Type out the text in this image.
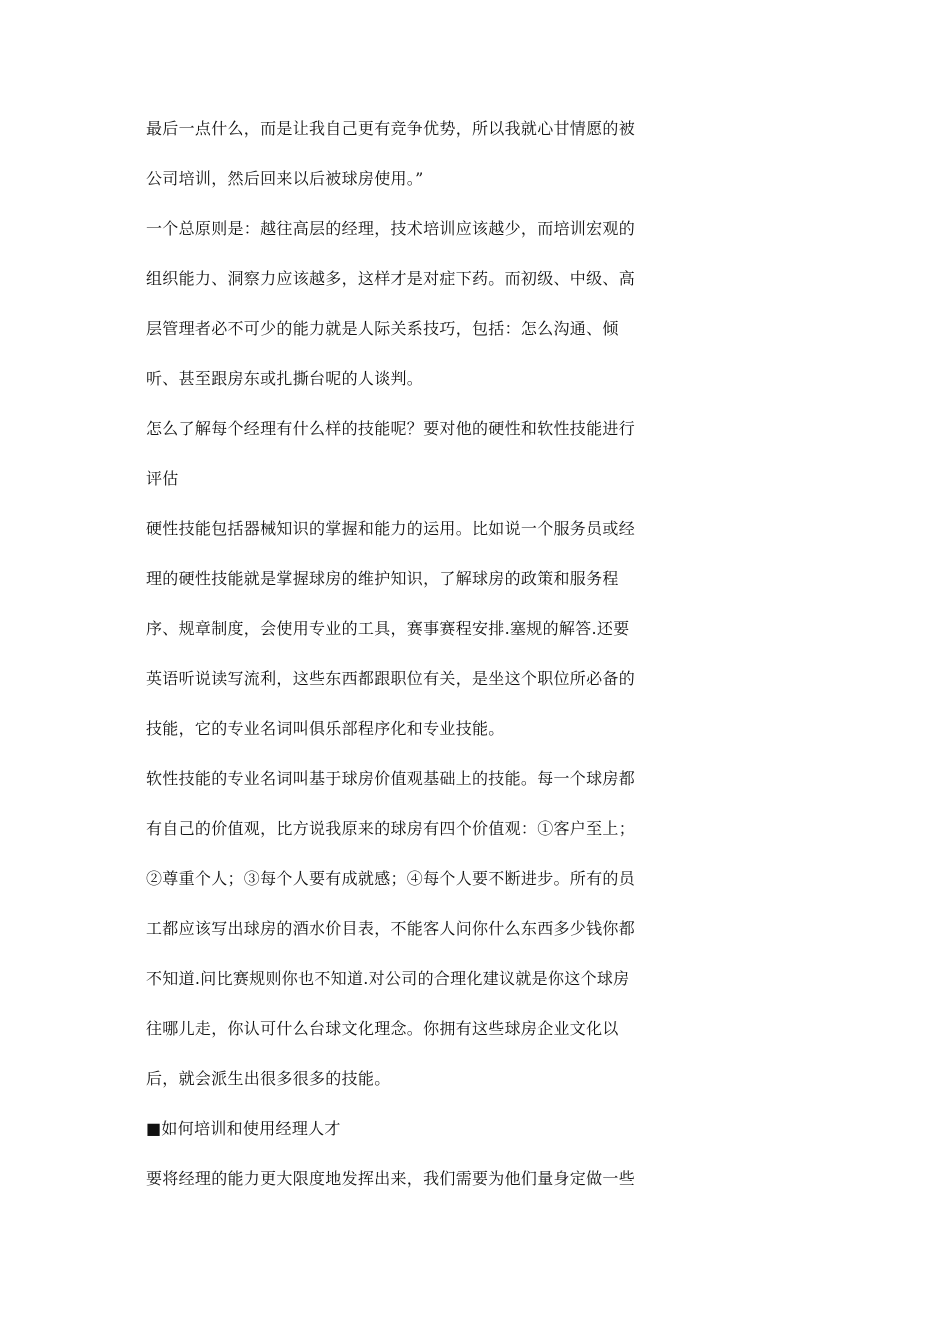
最后一点什么，而是让我自己更有竞争优势，所以我就心甘情愿的被
公司培训，然后回来以后被球房使用。”
一个总原则是：越往高层的经理，技术培训应该越少，而培训宏观的
组织能力、洞察力应该越多，这样才是对症下药。而初级、中级、高
层管理者必不可少的能力就是人际关系技巧，包括：怎么沟通、倾
听、甚至跟房东或扎撕台呢的人谈判。
怎么了解每个经理有什么样的技能呢？要对他的硬性和软性技能进行
评估
硬性技能包括器械知识的掌握和能力的运用。比如说一个服务员或经
理的硬性技能就是掌握球房的维护知识，了解球房的政策和服务程
序、规章制度，会使用专业的工具，赛事赛程安排.塞规的解答.还要
英语听说读写流利，这些东西都跟职位有关，是坐这个职位所必备的
技能，它的专业名词叫俱乐部程序化和专业技能。
软性技能的专业名词叫基于球房价值观基础上的技能。每一个球房都
有自己的价值观，比方说我原来的球房有四个价值观：①客户至上；
②尊重个人；③每个人要有成就感；④每个人要不断进步。所有的员
工都应该写出球房的酒水价目表，不能客人问你什么东西多少钱你都
不知道.问比赛规则你也不知道.对公司的合理化建议就是你这个球房
往哪儿走，你认可什么台球文化理念。你拥有这些球房企业文化以
后，就会派生出很多很多的技能。
■如何培训和使用经理人才
要将经理的能力更大限度地发挥出来，我们需要为他们量身定做一些
